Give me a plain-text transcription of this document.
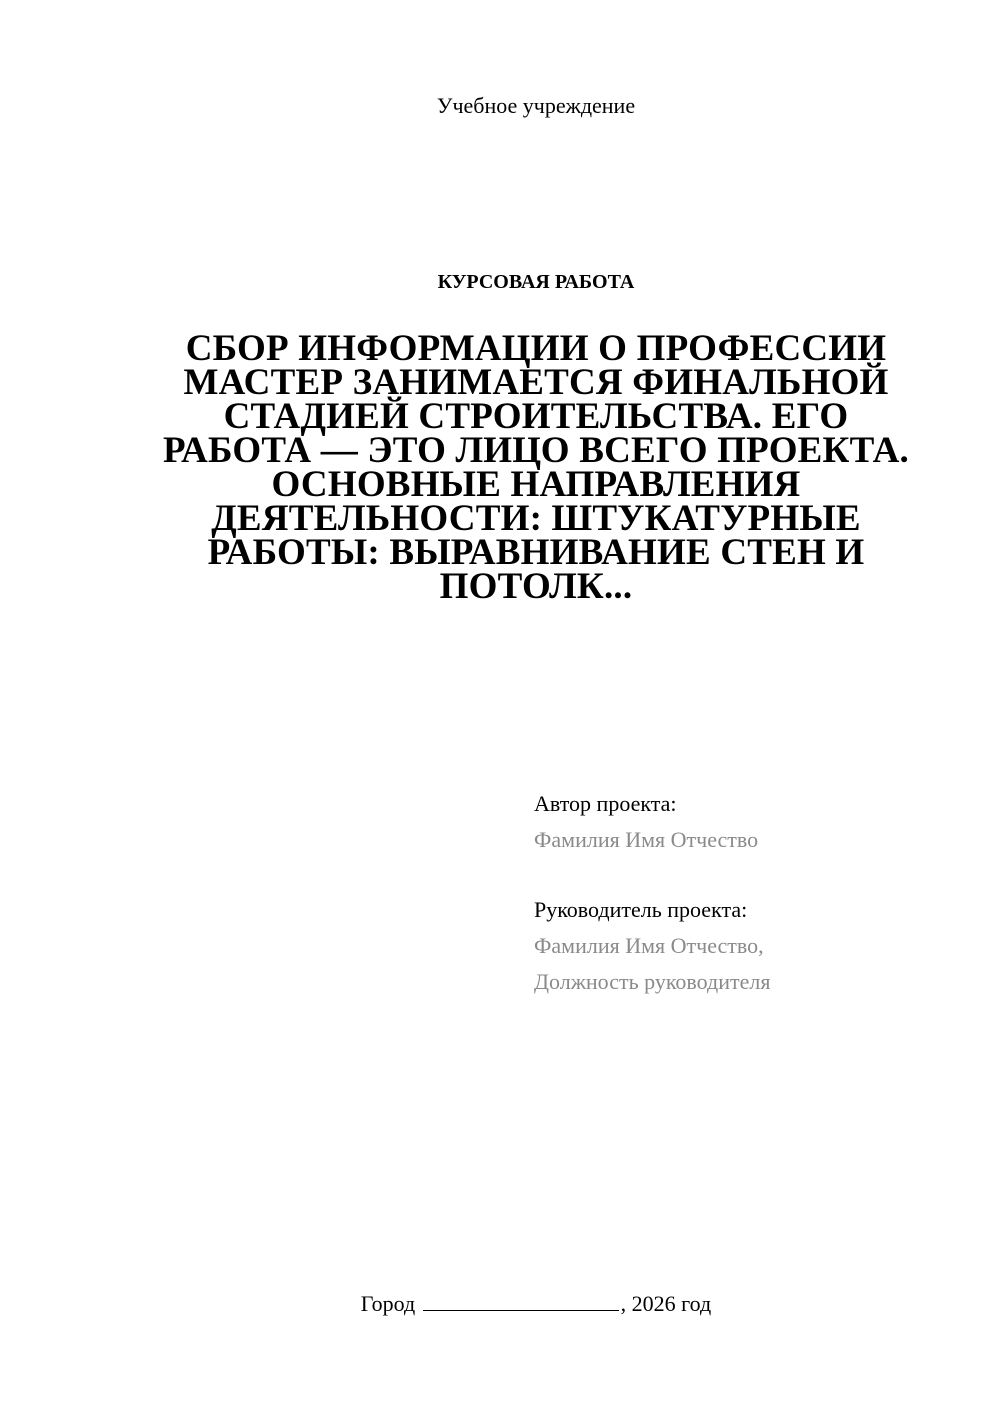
Учебное учреждение
КУРСОВАЯ РАБОТА
СБОР ИНФОРМАЦИИ О ПРОФЕССИИ МАСТЕР ЗАНИМАЕТСЯ ФИНАЛЬНОЙ СТАДИЕЙ СТРОИТЕЛЬСТВА. ЕГО РАБОТА — ЭТО ЛИЦО ВСЕГО ПРОЕКТА. ОСНОВНЫЕ НАПРАВЛЕНИЯ ДЕЯТЕЛЬНОСТИ: ШТУКАТУРНЫЕ РАБОТЫ: ВЫРАВНИВАНИЕ СТЕН И ПОТОЛК...
Автор проекта:
Фамилия Имя Отчество
Руководитель проекта:
Фамилия Имя Отчество,
Должность руководителя
Город	, 2026 год
